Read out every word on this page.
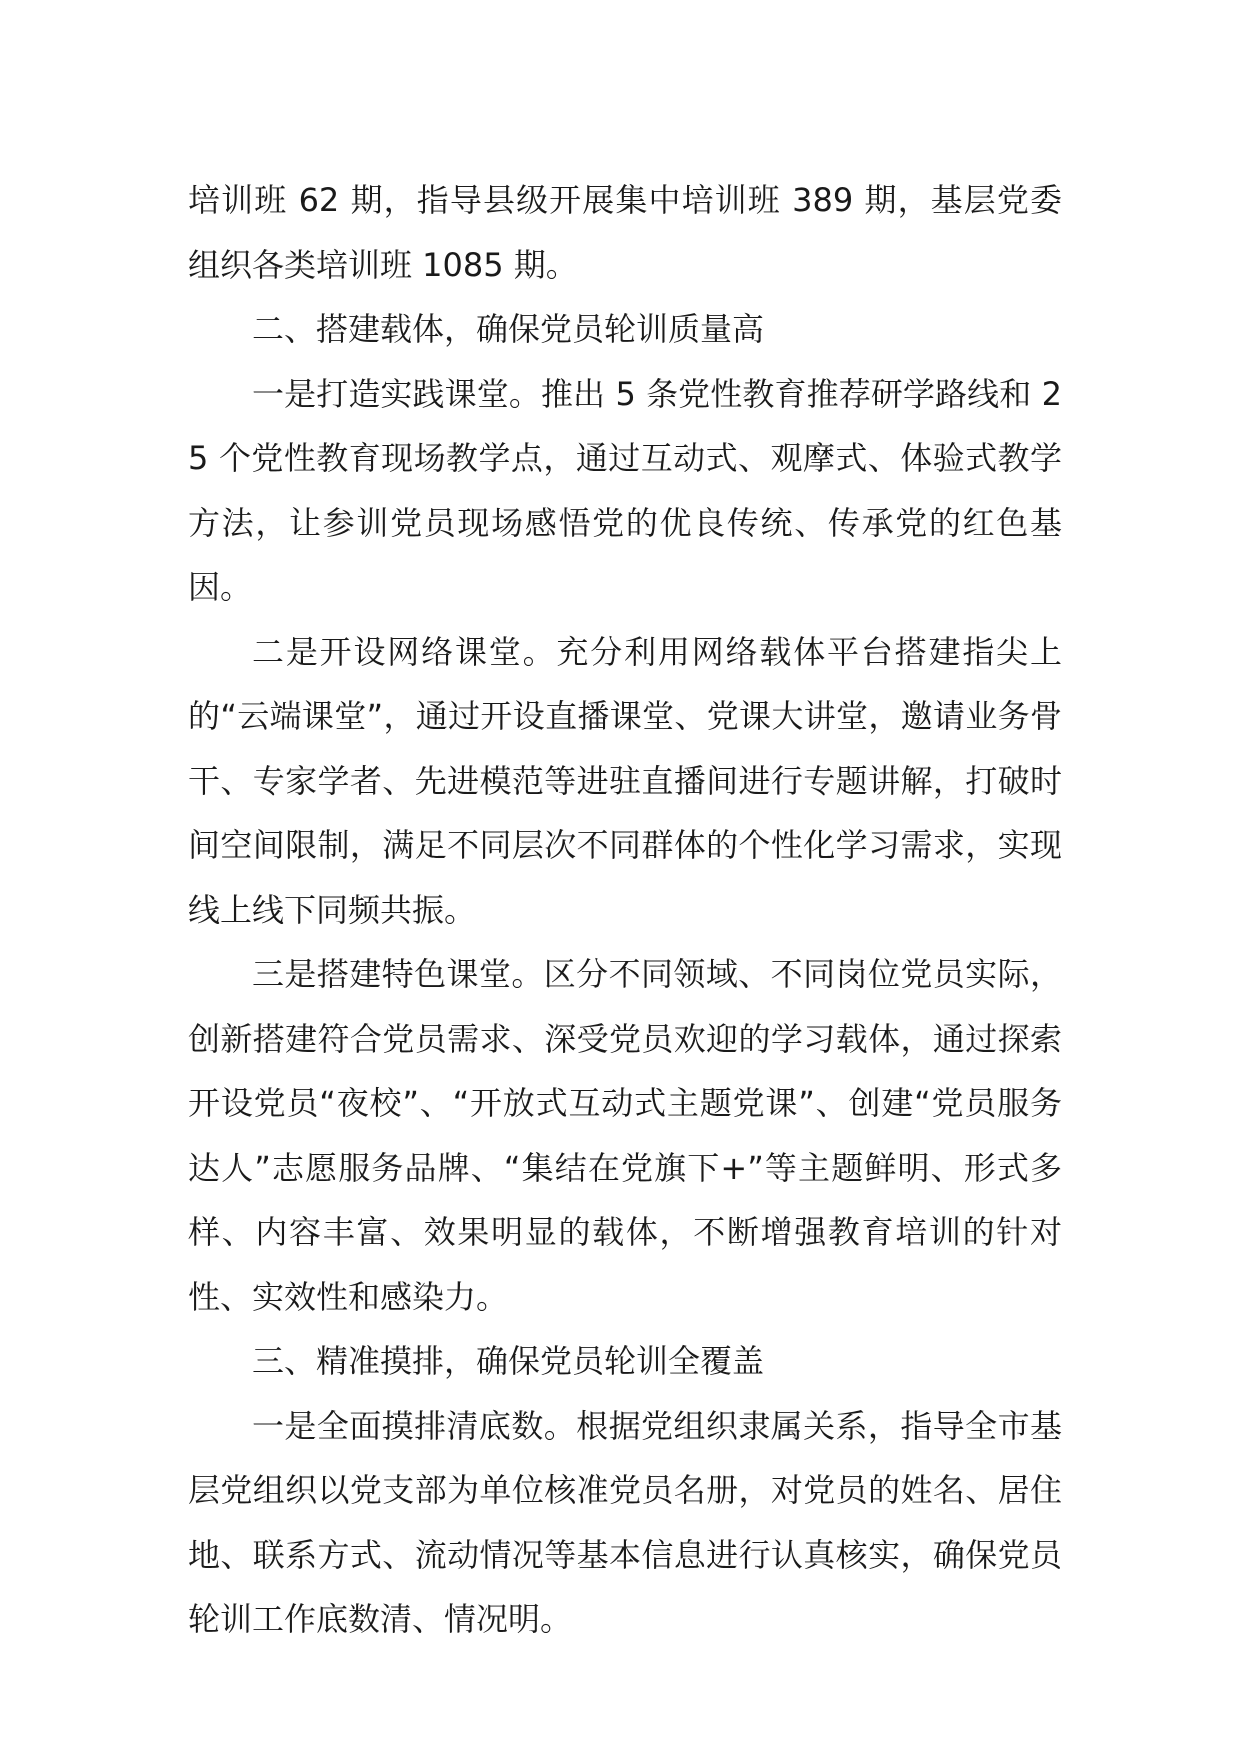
培训班 62 期，指导县级开展集中培训班 389 期，基层党委组织各类培训班 1085 期。

二、搭建载体，确保党员轮训质量高

一是打造实践课堂。推出 5 条党性教育推荐研学路线和 25 个党性教育现场教学点，通过互动式、观摩式、体验式教学方法，让参训党员现场感悟党的优良传统、传承党的红色基因。

二是开设网络课堂。充分利用网络载体平台搭建指尖上的“云端课堂”，通过开设直播课堂、党课大讲堂，邀请业务骨干、专家学者、先进模范等进驻直播间进行专题讲解，打破时间空间限制，满足不同层次不同群体的个性化学习需求，实现线上线下同频共振。

三是搭建特色课堂。区分不同领域、不同岗位党员实际，创新搭建符合党员需求、深受党员欢迎的学习载体，通过探索开设党员“夜校”、“开放式互动式主题党课”、创建“党员服务达人”志愿服务品牌、“集结在党旗下+”等主题鲜明、形式多样、内容丰富、效果明显的载体，不断增强教育培训的针对性、实效性和感染力。

三、精准摸排，确保党员轮训全覆盖

一是全面摸排清底数。根据党组织隶属关系，指导全市基层党组织以党支部为单位核准党员名册，对党员的姓名、居住地、联系方式、流动情况等基本信息进行认真核实，确保党员轮训工作底数清、情况明。
